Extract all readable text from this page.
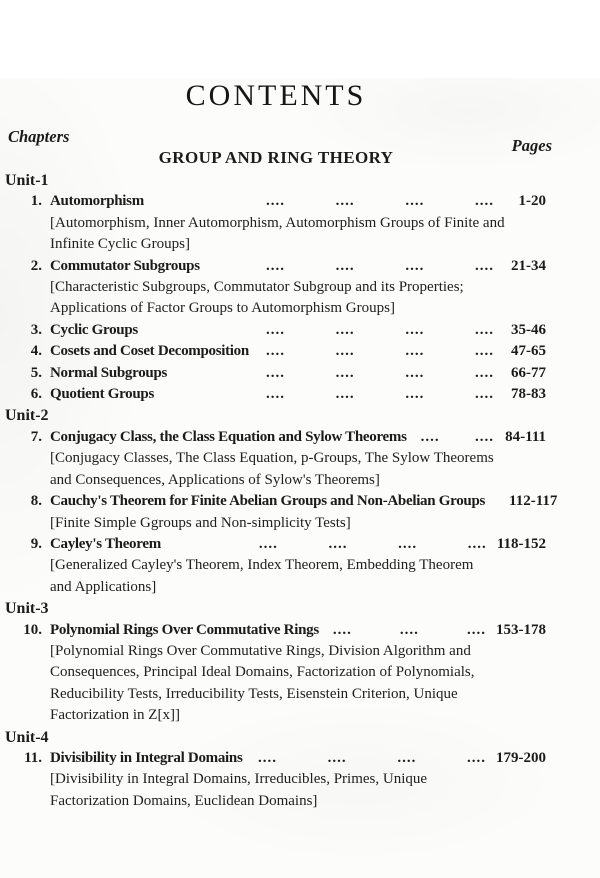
CONTENTS
Chapters	Pages
GROUP AND RING THEORY
Unit-1
1. Automorphism	....	....	....	....	1-20
[Automorphism, Inner Automorphism, Automorphism Groups of Finite and
Infinite Cyclic Groups]
2. Commutator Subgroups	....	....	....	....	21-34
[Characteristic Subgroups, Commutator Subgroup and its Properties;
Applications of Factor Groups to Automorphism Groups]
3. Cyclic Groups	....	....	....	....	35-46
4. Cosets and Coset Decomposition ....	....	....	....	47-65
5. Normal Subgroups	....	....	....	....	66-77
6. Quotient Groups	....	....	....	....	78-83
Unit-2
7. Conjugacy Class, the Class Equation and Sylow Theorems .... .... 84-111
[Conjugacy Classes, The Class Equation, p-Groups, The Sylow Theorems
and Consequences, Applications of Sylow's Theorems]
8. Cauchy's Theorem for Finite Abelian Groups and Non-Abelian Groups 112-117
[Finite Simple Ggroups and Non-simplicity Tests]
9. Cayley's Theorem	....	....	....	.... 118-152
[Generalized Cayley's Theorem, Index Theorem, Embedding Theorem
and Applications]
Unit-3
10. Polynomial Rings Over Commutative Rings ....	....	.... 153-178
[Polynomial Rings Over Commutative Rings, Division Algorithm and
Consequences, Principal Ideal Domains, Factorization of Polynomials,
Reducibility Tests, Irreducibility Tests, Eisenstein Criterion, Unique
Factorization in Z[x]]
Unit-4
11. Divisibility in Integral Domains ....	....	....	.... 179-200
[Divisibility in Integral Domains, Irreducibles, Primes, Unique
Factorization Domains, Euclidean Domains]
